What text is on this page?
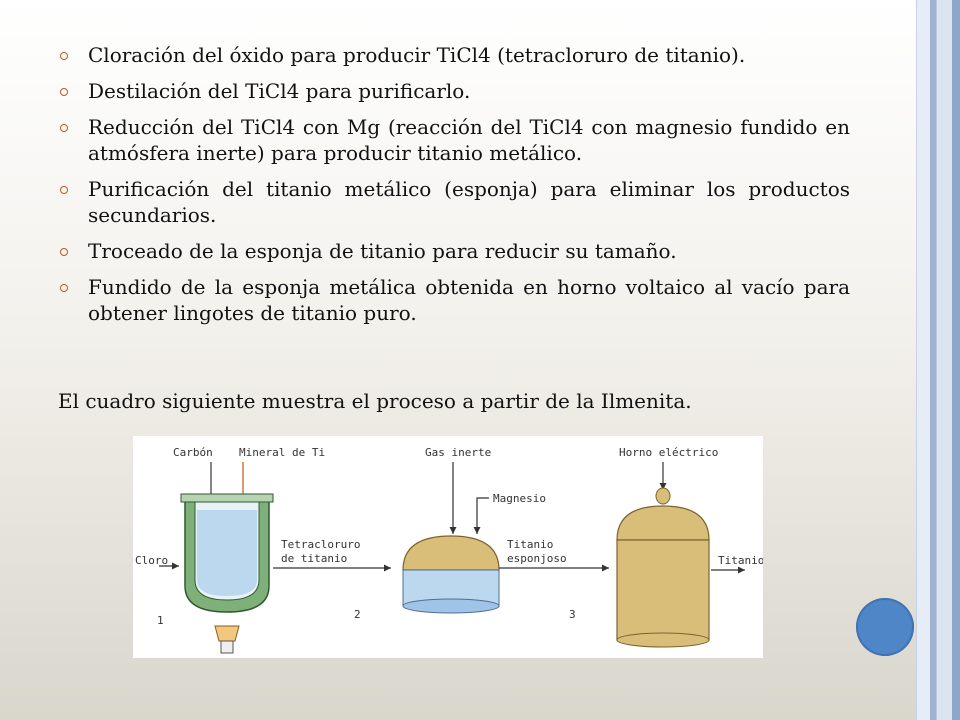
Cloración del óxido para producir TiCl4 (tetracloruro de titanio).
Destilación del TiCl4 para purificarlo.
Reducción del TiCl4 con Mg (reacción del TiCl4 con magnesio fundido en atmósfera inerte) para producir titanio metálico.
Purificación del titanio metálico (esponja) para eliminar los productos secundarios.
Troceado de la esponja de titanio para reducir su tamaño.
Fundido de la esponja metálica obtenida en horno voltaico al vacío para obtener lingotes de titanio puro.
El cuadro siguiente muestra el proceso a partir de la Ilmenita.
Carbón Mineral de Ti	Gas inerte	Horno eléctrico
Magnesio
Cloro
Tetracloruro
de titanio
Titanio
esponjoso	Titanio
1	2	3
